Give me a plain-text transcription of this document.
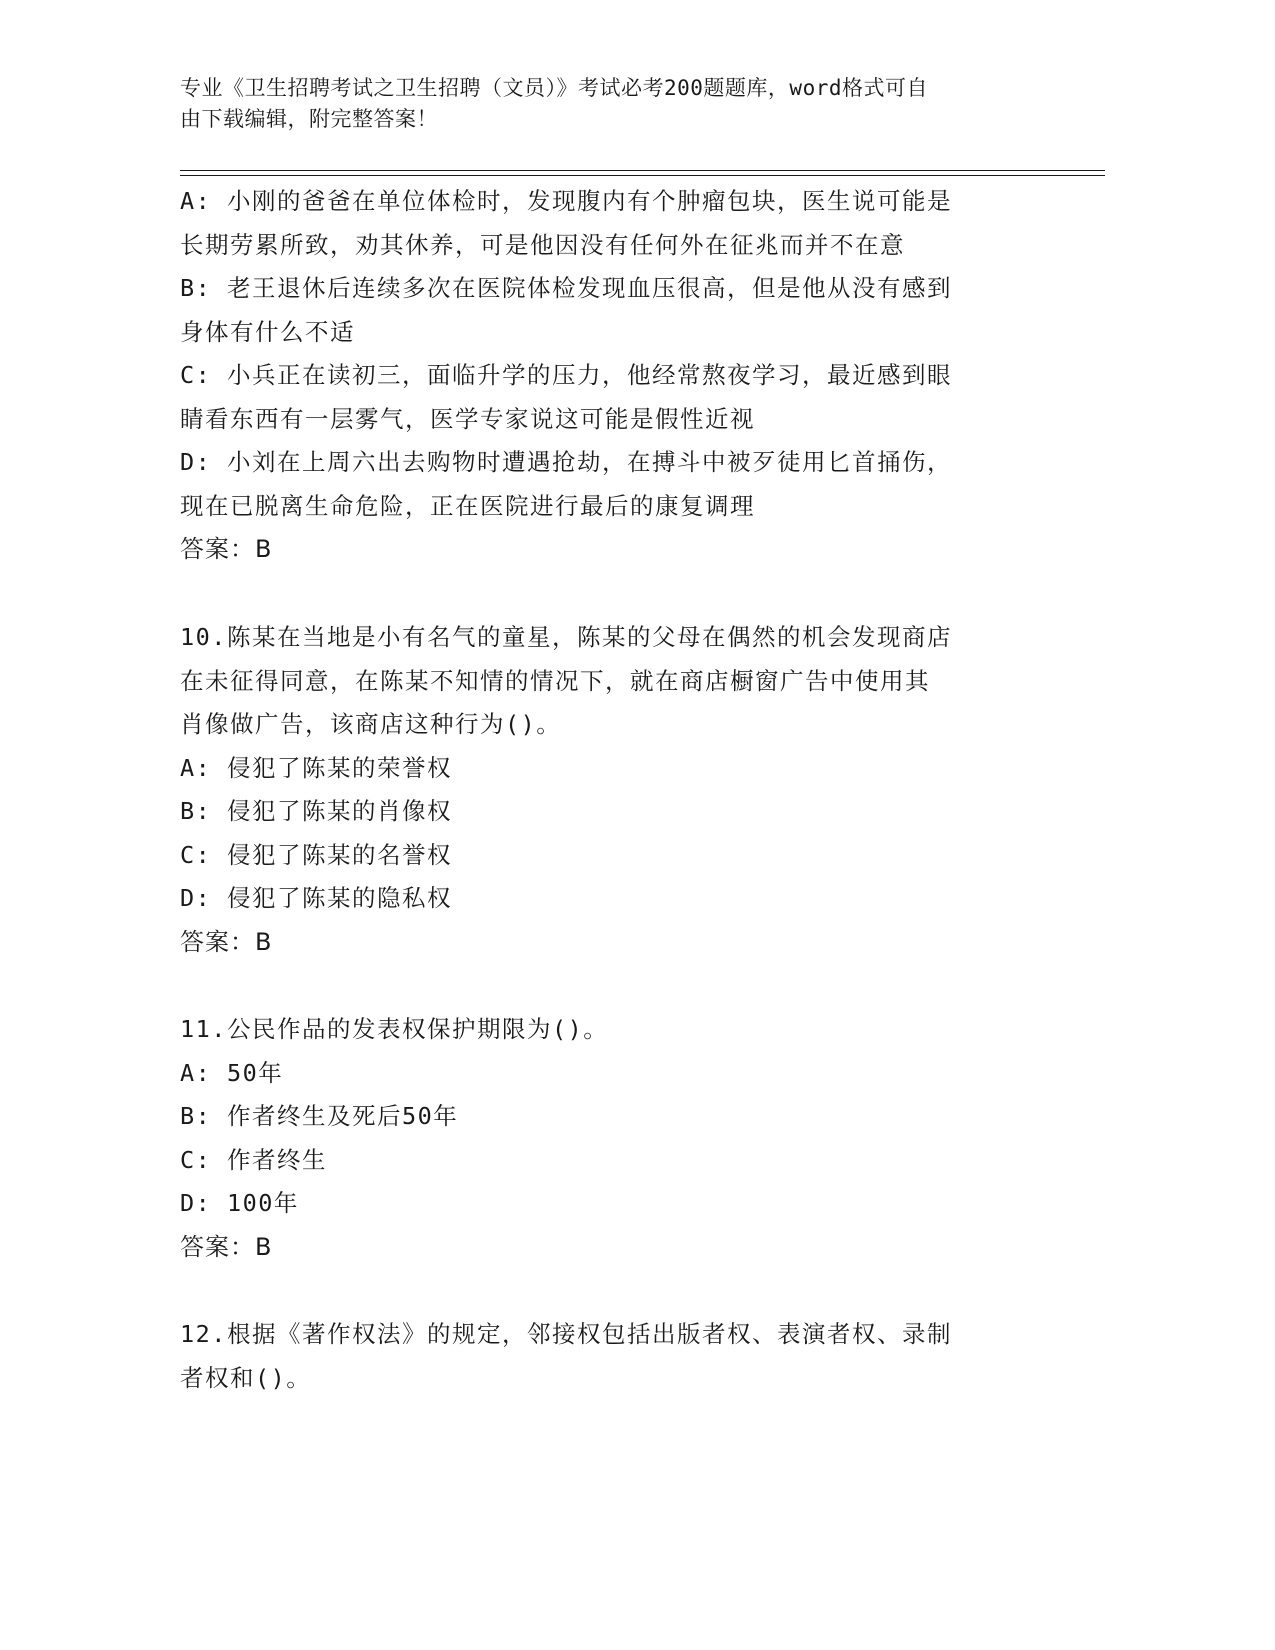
专业《卫生招聘考试之卫生招聘（文员）》考试必考200题题库，word格式可自
由下载编辑，附完整答案！
A: 小刚的爸爸在单位体检时，发现腹内有个肿瘤包块，医生说可能是
长期劳累所致，劝其休养，可是他因没有任何外在征兆而并不在意
B: 老王退休后连续多次在医院体检发现血压很高，但是他从没有感到
身体有什么不适
C: 小兵正在读初三，面临升学的压力，他经常熬夜学习，最近感到眼
睛看东西有一层雾气，医学专家说这可能是假性近视
D: 小刘在上周六出去购物时遭遇抢劫，在搏斗中被歹徒用匕首捅伤，
现在已脱离生命危险，正在医院进行最后的康复调理
答案：B
10.陈某在当地是小有名气的童星，陈某的父母在偶然的机会发现商店
在未征得同意，在陈某不知情的情况下，就在商店橱窗广告中使用其
肖像做广告，该商店这种行为()。
A: 侵犯了陈某的荣誉权
B: 侵犯了陈某的肖像权
C: 侵犯了陈某的名誉权
D: 侵犯了陈某的隐私权
答案：B
11.公民作品的发表权保护期限为()。
A: 50年
B: 作者终生及死后50年
C: 作者终生
D: 100年
答案：B
12.根据《著作权法》的规定，邻接权包括出版者权、表演者权、录制
者权和()。
